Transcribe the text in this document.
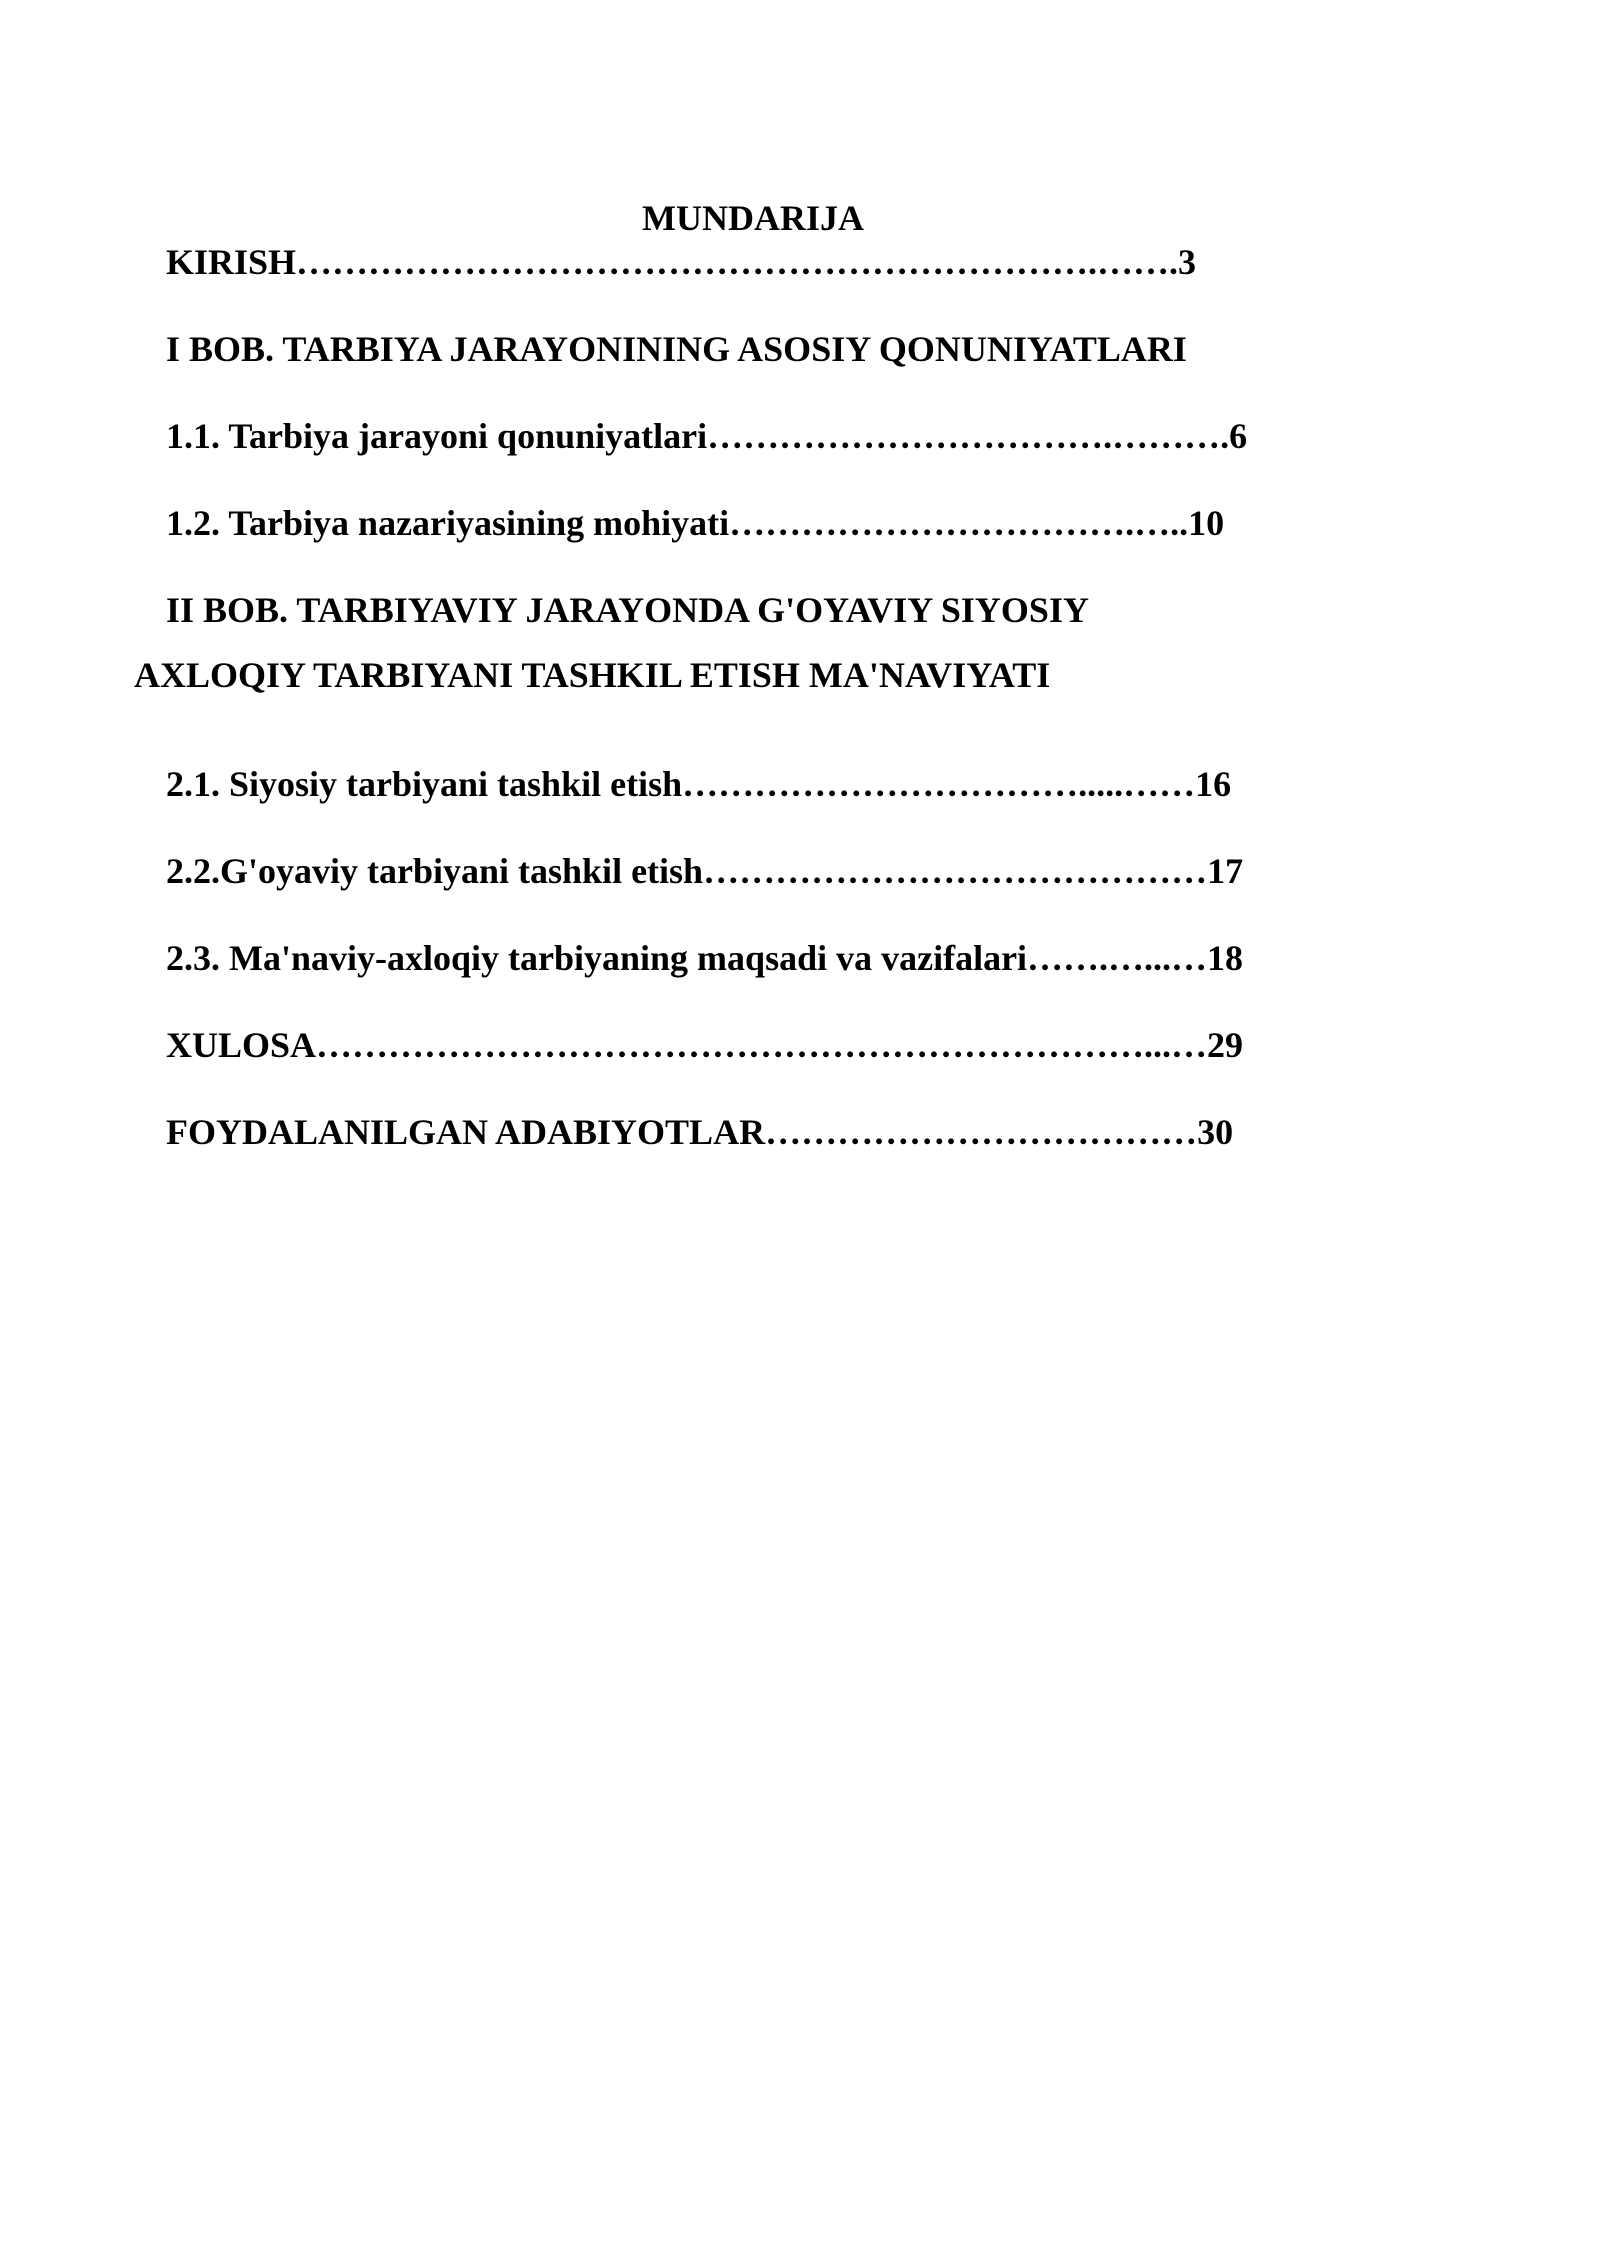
MUNDARIJA
KIRISH………………………………………………………….…….3
I BOB. TARBIYA JARAYONINING ASOSIY QONUNIYATLARI
1.1. Tarbiya jarayoni qonuniyatlari…………………………….……….6
1.2. Tarbiya nazariyasining mohiyati…………………………….…..10
II BOB. TARBIYAVIY JARAYONDA G'OYAVIY SIYOSIY
AXLOQIY TARBIYANI TASHKIL ETISH MA'NAVIYATI
2.1. Siyosiy tarbiyani tashkil etish…………………………….....……16
2.2.G'oyaviy tarbiyani tashkil etish……………………………………17
2.3. Ma'naviy-axloqiy tarbiyaning maqsadi va vazifalari…….…...…18
XULOSA……………………………………………………………...…29
FOYDALANILGAN ADABIYOTLAR………………………………30
